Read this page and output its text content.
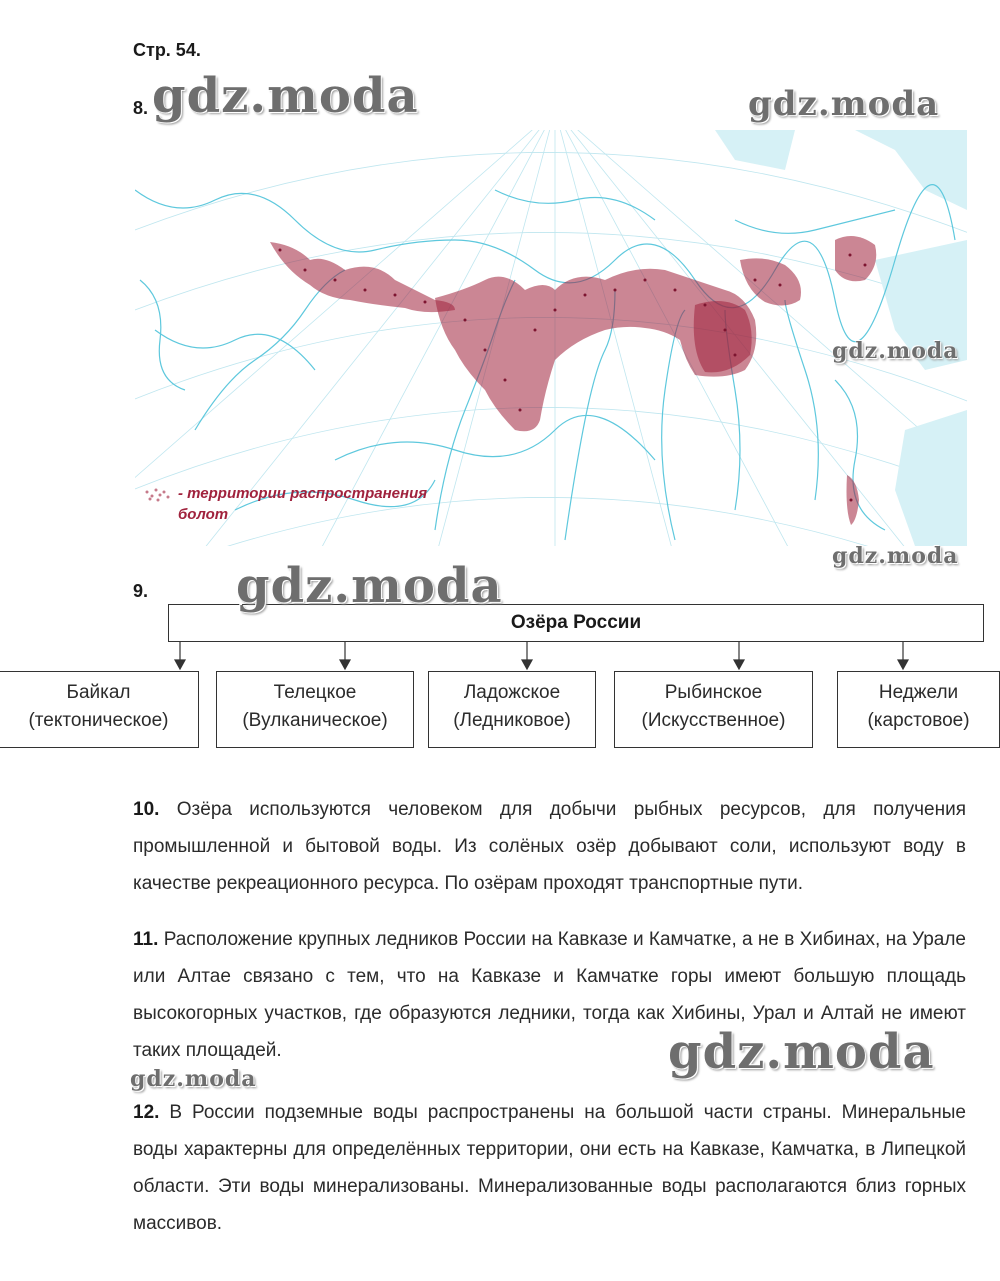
Стр. 54.
8.
- территории распространения
болот
9.
Озёра России
Байкал
(тектоническое)
Телецкое
(Вулканическое)
Ладожское
(Ледниковое)
Рыбинское
(Искусственное)
Неджели
(карстовое)
10. Озёра используются человеком для добычи рыбных ресурсов, для получения промышленной и бытовой воды. Из солёных озёр добывают соли, используют воду в качестве рекреационного ресурса. По озёрам проходят транспортные пути.
11. Расположение крупных ледников России на Кавказе и Камчатке, а не в Хибинах, на Урале или Алтае связано с тем, что на Кавказе и Камчатке горы имеют большую площадь высокогорных участков, где образуются ледники, тогда как Хибины, Урал и Алтай не имеют таких площадей.
12. В России подземные воды распространены на большой части страны. Минеральные воды характерны для определённых территории, они есть на Кавказе, Камчатка, в Липецкой области. Эти воды минерализованы. Минерализованные воды располагаются близ горных массивов.
gdz.moda	gdz.moda
gdz.moda
gdz.moda
gdz.moda
gdz.moda
gdz.moda
